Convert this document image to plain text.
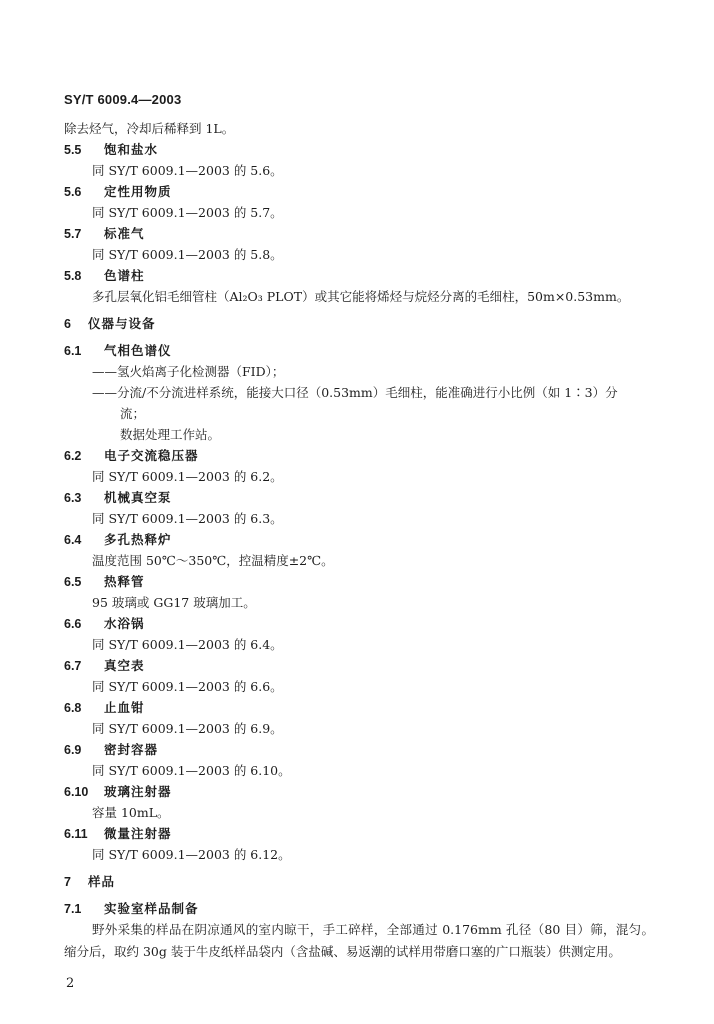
SY/T 6009.4—2003
除去烃气，冷却后稀释到 1L。
5.5	饱和盐水
同 SY/T 6009.1—2003 的 5.6。
5.6	定性用物质
同 SY/T 6009.1—2003 的 5.7。
5.7	标准气
同 SY/T 6009.1—2003 的 5.8。
5.8	色谱柱
多孔层氧化铝毛细管柱（Al₂O₃ PLOT）或其它能将烯烃与烷烃分离的毛细柱，50m×0.53mm。
6	仪器与设备
6.1	气相色谱仪
——氢火焰离子化检测器（FID）；
——分流/不分流进样系统，能接大口径（0.53mm）毛细柱，能准确进行小比例（如 1∶3）分
流；
数据处理工作站。
6.2	电子交流稳压器
同 SY/T 6009.1—2003 的 6.2。
6.3	机械真空泵
同 SY/T 6009.1—2003 的 6.3。
6.4	多孔热释炉
温度范围 50℃～350℃，控温精度±2℃。
6.5	热释管
95 玻璃或 GG17 玻璃加工。
6.6	水浴锅
同 SY/T 6009.1—2003 的 6.4。
6.7	真空表
同 SY/T 6009.1—2003 的 6.6。
6.8	止血钳
同 SY/T 6009.1—2003 的 6.9。
6.9	密封容器
同 SY/T 6009.1—2003 的 6.10。
6.10	玻璃注射器
容量 10mL。
6.11	微量注射器
同 SY/T 6009.1—2003 的 6.12。
7	样品
7.1	实验室样品制备
野外采集的样品在阴凉通风的室内晾干，手工碎样，全部通过 0.176mm 孔径（80 目）筛，混匀。缩分后，取约 30g 装于牛皮纸样品袋内（含盐碱、易返潮的试样用带磨口塞的广口瓶装）供测定用。
2
